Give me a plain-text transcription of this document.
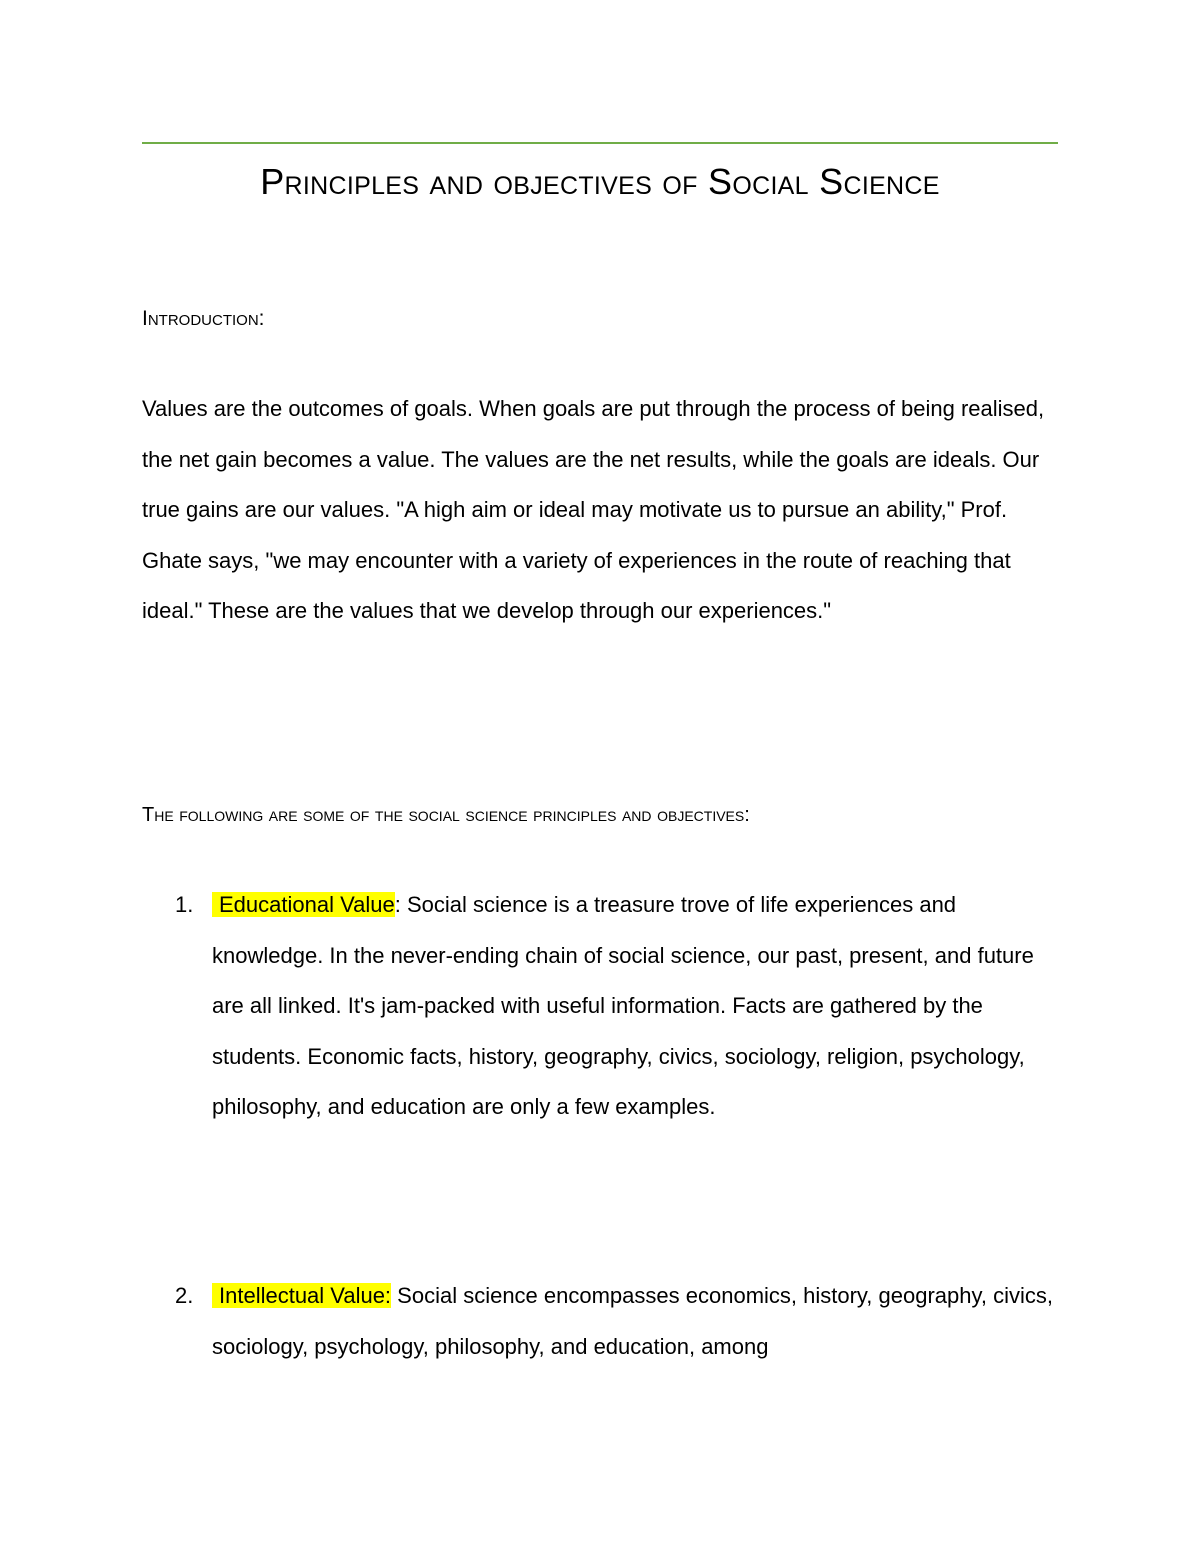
Principles and objectives of Social Science
Introduction:

Values are the outcomes of goals. When goals are put through the process of being realised, the net gain becomes a value. The values are the net results, while the goals are ideals. Our true gains are our values. "A high aim or ideal may motivate us to pursue an ability," Prof. Ghate says, "we may encounter with a variety of experiences in the route of reaching that ideal." These are the values that we develop through our experiences."

The following are some of the social science principles and objectives:
1.	Educational Value: Social science is a treasure trove of life experiences and knowledge. In the never-ending chain of social science, our past, present, and future are all linked. It's jam-packed with useful information. Facts are gathered by the students. Economic facts, history, geography, civics, sociology, religion, psychology, philosophy, and education are only a few examples.
2.	Intellectual Value: Social science encompasses economics, history, geography, civics, sociology, psychology, philosophy, and education, among
